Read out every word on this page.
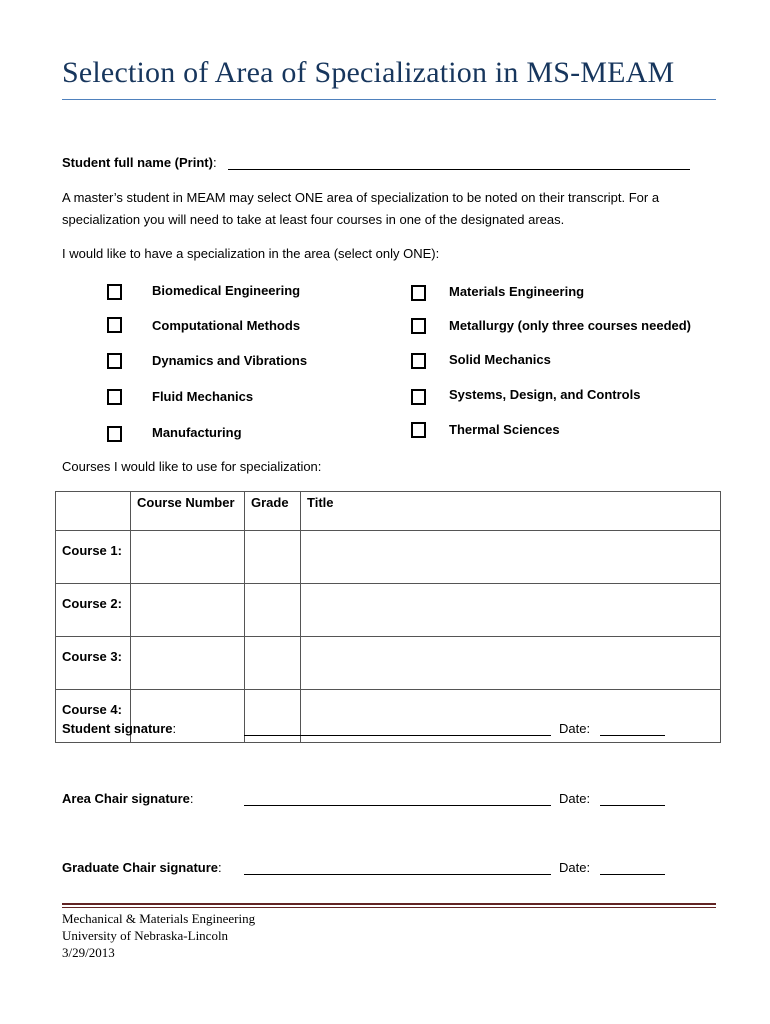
Selection of Area of Specialization in MS-MEAM
Student full name (Print):
A master’s student in MEAM may select ONE area of specialization to be noted on their transcript. For a specialization you will need to take at least four courses in one of the designated areas.
I would like to have a specialization in the area (select only ONE):
Biomedical Engineering
Computational Methods
Dynamics and Vibrations
Fluid Mechanics
Manufacturing
Materials Engineering
Metallurgy (only three courses needed)
Solid Mechanics
Systems, Design, and Controls
Thermal Sciences
Courses I would like to use for specialization:
	Course Number	Grade	Title
Course 1:			
Course 2:			
Course 3:			
Course 4:			
Student signature:	Date:
Area Chair signature:	Date:
Graduate Chair signature:	Date:
Mechanical & Materials Engineering
University of Nebraska-Lincoln
3/29/2013
